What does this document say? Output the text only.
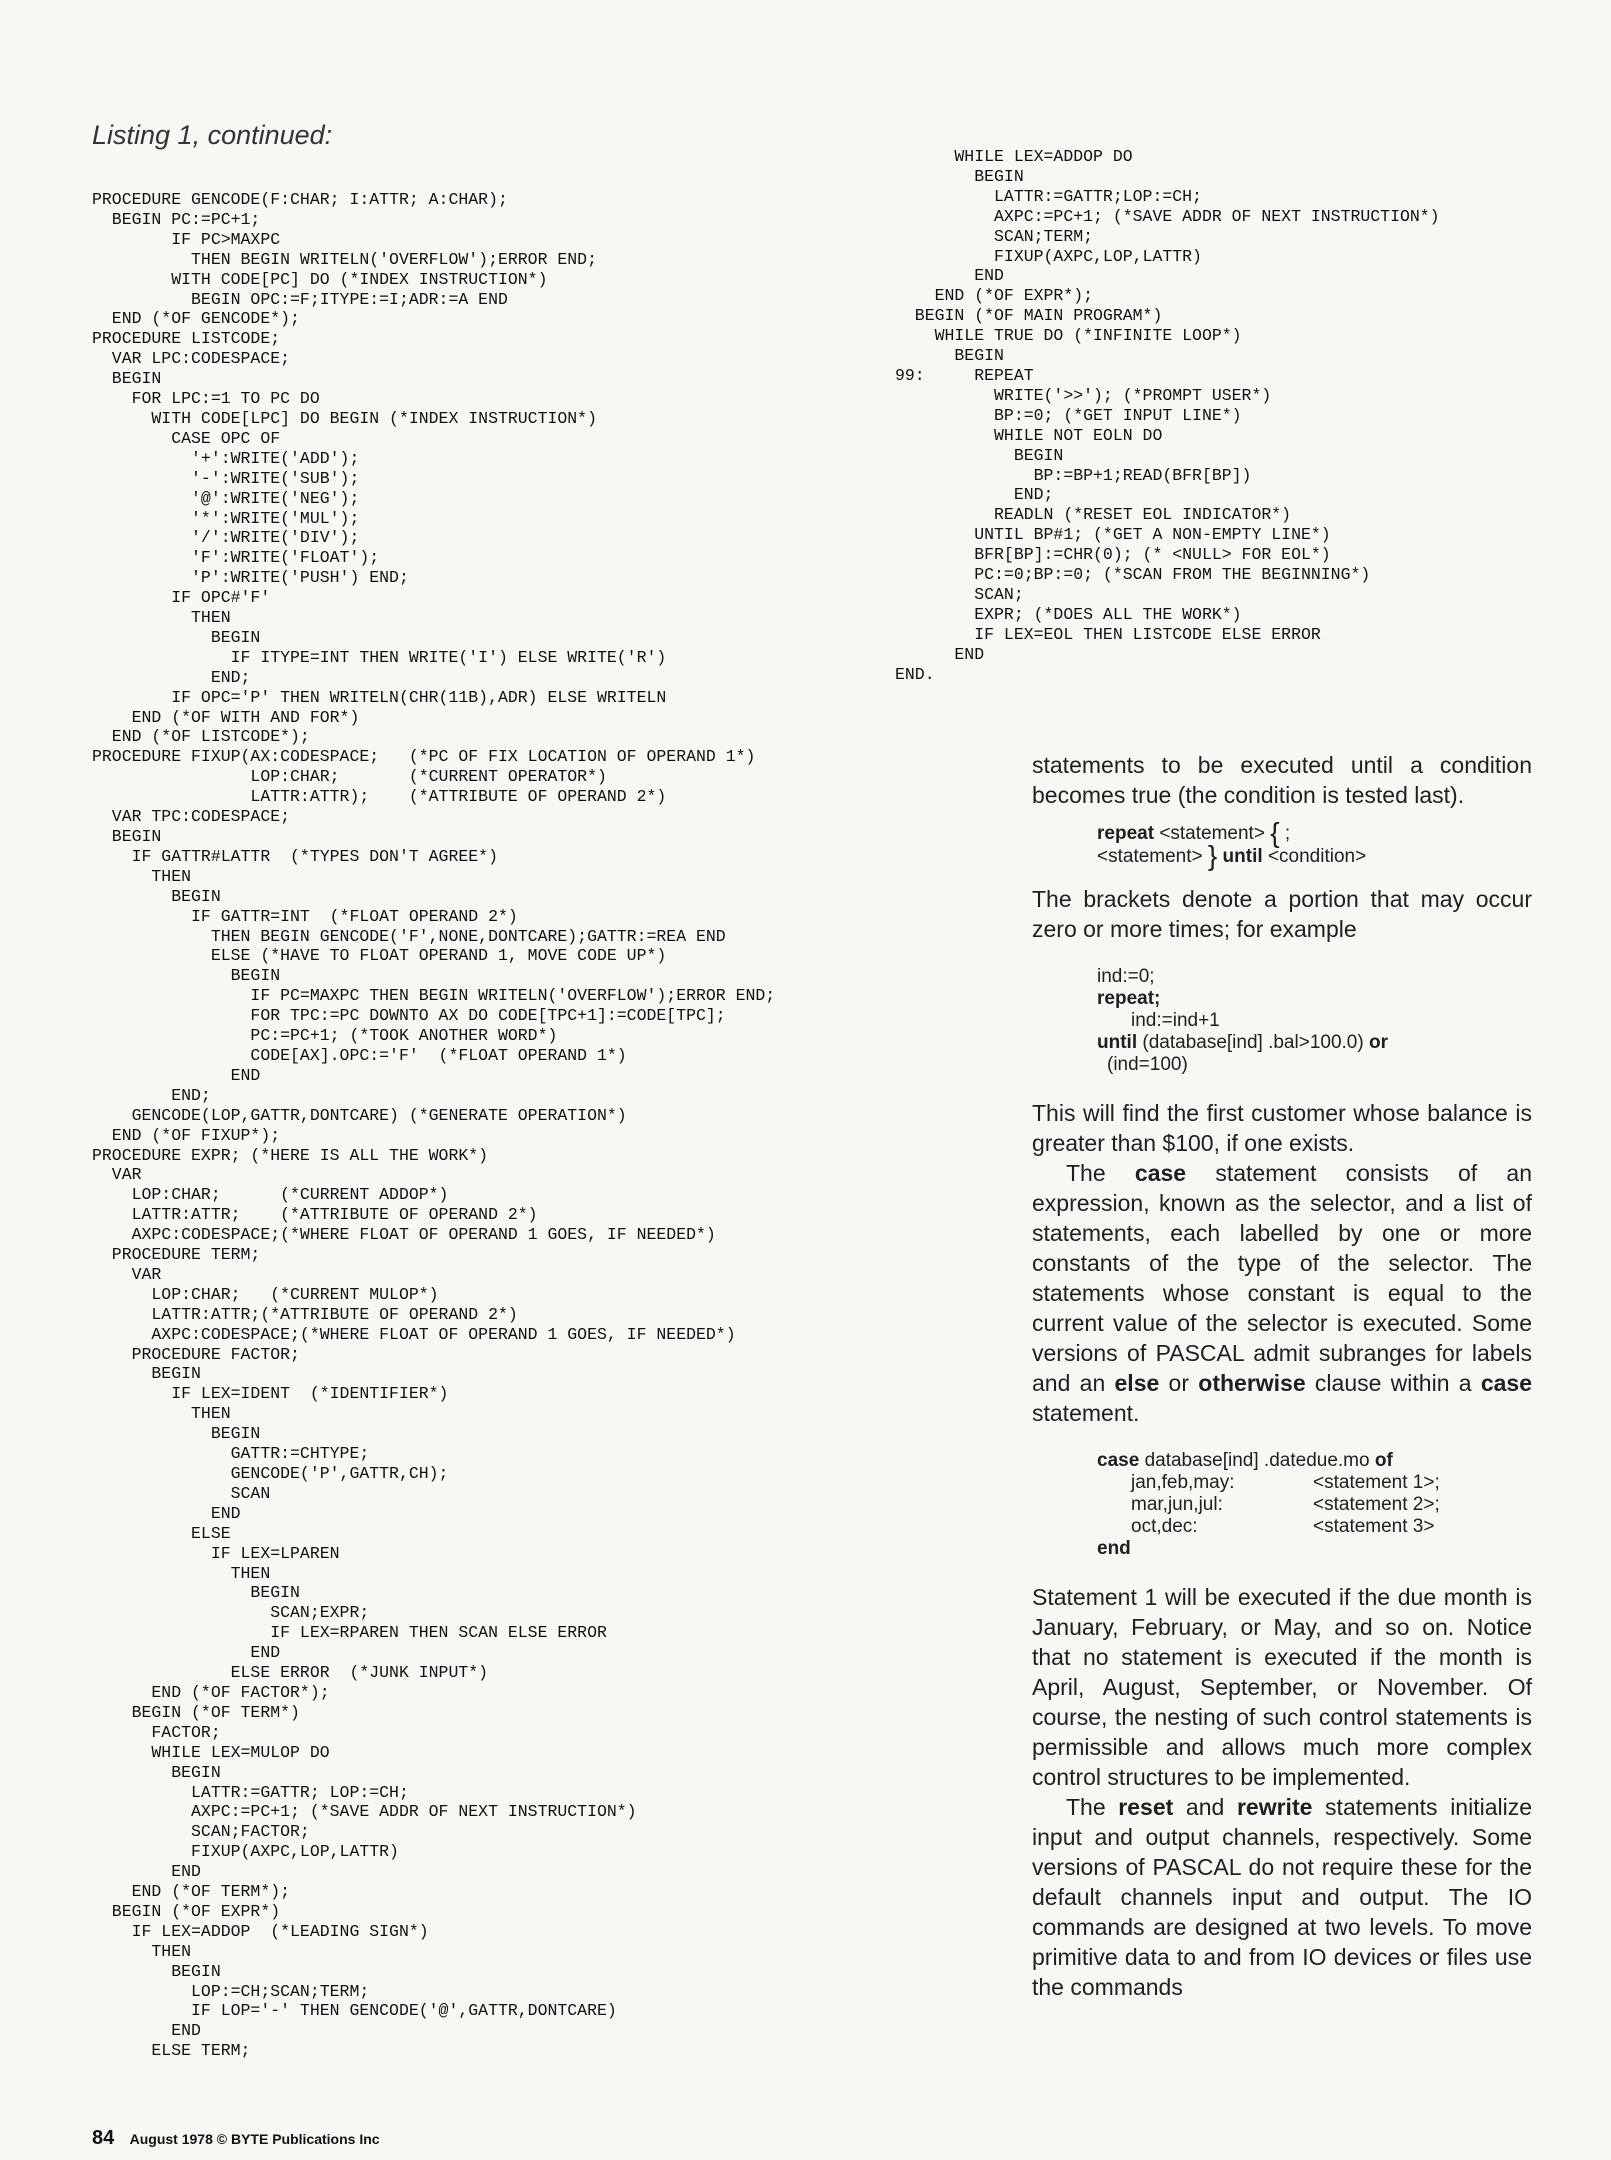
Listing 1, continued:
PROCEDURE GENCODE(F:CHAR; I:ATTR; A:CHAR);
BEGIN PC:=PC+1;
IF PC>MAXPC
THEN BEGIN WRITELN('OVERFLOW');ERROR END;
WITH CODE[PC] DO (*INDEX INSTRUCTION*)
BEGIN OPC:=F;ITYPE:=I;ADR:=A END
END (*OF GENCODE*);
PROCEDURE LISTCODE;
VAR LPC:CODESPACE;
BEGIN
FOR LPC:=1 TO PC DO
WITH CODE[LPC] DO BEGIN (*INDEX INSTRUCTION*)
CASE OPC OF
'+':WRITE('ADD');
'-':WRITE('SUB');
'@':WRITE('NEG');
'*':WRITE('MUL');
'/':WRITE('DIV');
'F':WRITE('FLOAT');
'P':WRITE('PUSH') END;
IF OPC#'F'
THEN
BEGIN
IF ITYPE=INT THEN WRITE('I') ELSE WRITE('R')
END;
IF OPC='P' THEN WRITELN(CHR(11B),ADR) ELSE WRITELN
END (*OF WITH AND FOR*)
END (*OF LISTCODE*);
PROCEDURE FIXUP(AX:CODESPACE;   (*PC OF FIX LOCATION OF OPERAND 1*)
LOP:CHAR;       (*CURRENT OPERATOR*)
LATTR:ATTR);    (*ATTRIBUTE OF OPERAND 2*)
VAR TPC:CODESPACE;
BEGIN
IF GATTR#LATTR  (*TYPES DON'T AGREE*)
THEN
BEGIN
IF GATTR=INT  (*FLOAT OPERAND 2*)
THEN BEGIN GENCODE('F',NONE,DONTCARE);GATTR:=REA END
ELSE (*HAVE TO FLOAT OPERAND 1, MOVE CODE UP*)
BEGIN
IF PC=MAXPC THEN BEGIN WRITELN('OVERFLOW');ERROR END;
FOR TPC:=PC DOWNTO AX DO CODE[TPC+1]:=CODE[TPC];
PC:=PC+1; (*TOOK ANOTHER WORD*)
CODE[AX].OPC:='F'  (*FLOAT OPERAND 1*)
END
END;
GENCODE(LOP,GATTR,DONTCARE) (*GENERATE OPERATION*)
END (*OF FIXUP*);
PROCEDURE EXPR; (*HERE IS ALL THE WORK*)
VAR
LOP:CHAR;      (*CURRENT ADDOP*)
LATTR:ATTR;    (*ATTRIBUTE OF OPERAND 2*)
AXPC:CODESPACE;(*WHERE FLOAT OF OPERAND 1 GOES, IF NEEDED*)
PROCEDURE TERM;
VAR
LOP:CHAR;   (*CURRENT MULOP*)
LATTR:ATTR;(*ATTRIBUTE OF OPERAND 2*)
AXPC:CODESPACE;(*WHERE FLOAT OF OPERAND 1 GOES, IF NEEDED*)
PROCEDURE FACTOR;
BEGIN
IF LEX=IDENT  (*IDENTIFIER*)
THEN
BEGIN
GATTR:=CHTYPE;
GENCODE('P',GATTR,CH);
SCAN
END
ELSE
IF LEX=LPAREN
THEN
BEGIN
SCAN;EXPR;
IF LEX=RPAREN THEN SCAN ELSE ERROR
END
ELSE ERROR  (*JUNK INPUT*)
END (*OF FACTOR*);
BEGIN (*OF TERM*)
FACTOR;
WHILE LEX=MULOP DO
BEGIN
LATTR:=GATTR; LOP:=CH;
AXPC:=PC+1; (*SAVE ADDR OF NEXT INSTRUCTION*)
SCAN;FACTOR;
FIXUP(AXPC,LOP,LATTR)
END
END (*OF TERM*);
BEGIN (*OF EXPR*)
IF LEX=ADDOP  (*LEADING SIGN*)
THEN
BEGIN
LOP:=CH;SCAN;TERM;
IF LOP='-' THEN GENCODE('@',GATTR,DONTCARE)
END
ELSE TERM;
WHILE LEX=ADDOP DO
BEGIN
LATTR:=GATTR;LOP:=CH;
AXPC:=PC+1; (*SAVE ADDR OF NEXT INSTRUCTION*)
SCAN;TERM;
FIXUP(AXPC,LOP,LATTR)
END
END (*OF EXPR*);
BEGIN (*OF MAIN PROGRAM*)
WHILE TRUE DO (*INFINITE LOOP*)
BEGIN
99:     REPEAT
WRITE('>>'); (*PROMPT USER*)
BP:=0; (*GET INPUT LINE*)
WHILE NOT EOLN DO
BEGIN
BP:=BP+1;READ(BFR[BP])
END;
READLN (*RESET EOL INDICATOR*)
UNTIL BP#1; (*GET A NON-EMPTY LINE*)
BFR[BP]:=CHR(0); (* <NULL> FOR EOL*)
PC:=0;BP:=0; (*SCAN FROM THE BEGINNING*)
SCAN;
EXPR; (*DOES ALL THE WORK*)
IF LEX=EOL THEN LISTCODE ELSE ERROR
END
END.

statements to be executed until a condition becomes true (the condition is tested last).

repeat <statement> { ;
<statement> } until <condition>

The brackets denote a portion that may occur zero or more times; for example

ind:=0;
repeat;
ind:=ind+1
until (database[ind] .bal>100.0) or
(ind=100)

This will find the first customer whose balance is greater than $100, if one exists.

The case statement consists of an expression, known as the selector, and a list of statements, each labelled by one or more constants of the type of the selector. The statements whose constant is equal to the current value of the selector is executed. Some versions of PASCAL admit subranges for labels and an else or otherwise clause within a case statement.

case database[ind] .datedue.mo of
jan,feb,may:	<statement 1>;
mar,jun,jul:	<statement 2>;
oct,dec:	<statement 3>
end

Statement 1 will be executed if the due month is January, February, or May, and so on. Notice that no statement is executed if the month is April, August, September, or November. Of course, the nesting of such control statements is permissible and allows much more complex control structures to be implemented.

The reset and rewrite statements initialize input and output channels, respectively. Some versions of PASCAL do not require these for the default channels input and output. The IO commands are designed at two levels. To move primitive data to and from IO devices or files use the commands

84 August 1978 © BYTE Publications Inc
